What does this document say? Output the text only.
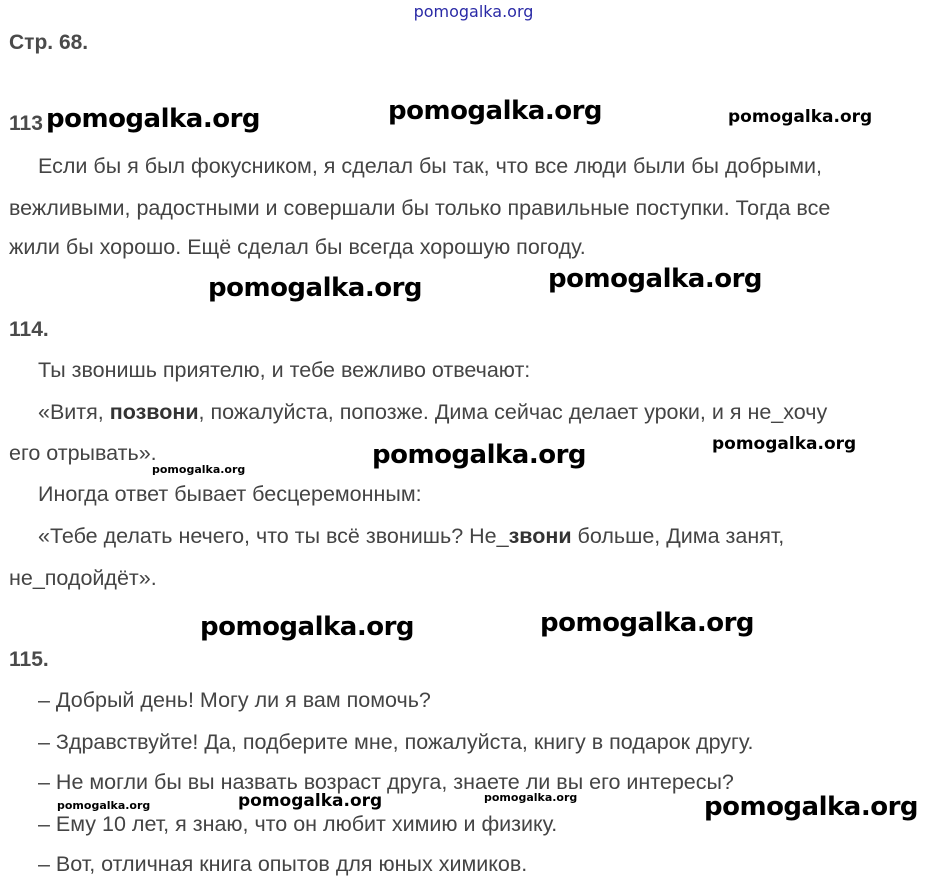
pomogalka.org
Стр. 68.
113 pomogalka.org	pomogalka.org	pomogalka.org
Если бы я был фокусником, я сделал бы так, что все люди были бы добрыми,
вежливыми, радостными и совершали бы только правильные поступки. Тогда все
жили бы хорошо. Ещё сделал бы всегда хорошую погоду.
pomogalka.org	pomogalka.org
114.
Ты звонишь приятелю, и тебе вежливо отвечают:
«Витя, позвони, пожалуйста, попозже. Дима сейчас делает уроки, и я не_хочу
его отрывать».
pomogalka.org	pomogalka.org	pomogalka.org
Иногда ответ бывает бесцеремонным:
«Тебе делать нечего, что ты всё звонишь? Не_звони больше, Дима занят,
не_подойдёт».
pomogalka.org	pomogalka.org
115.
– Добрый день! Могу ли я вам помочь?
– Здравствуйте! Да, подберите мне, пожалуйста, книгу в подарок другу.
– Не могли бы вы назвать возраст друга, знаете ли вы его интересы?
pomogalka.org	pomogalka.org	pomogalka.org	pomogalka.org
– Ему 10 лет, я знаю, что он любит химию и физику.
– Вот, отличная книга опытов для юных химиков.
